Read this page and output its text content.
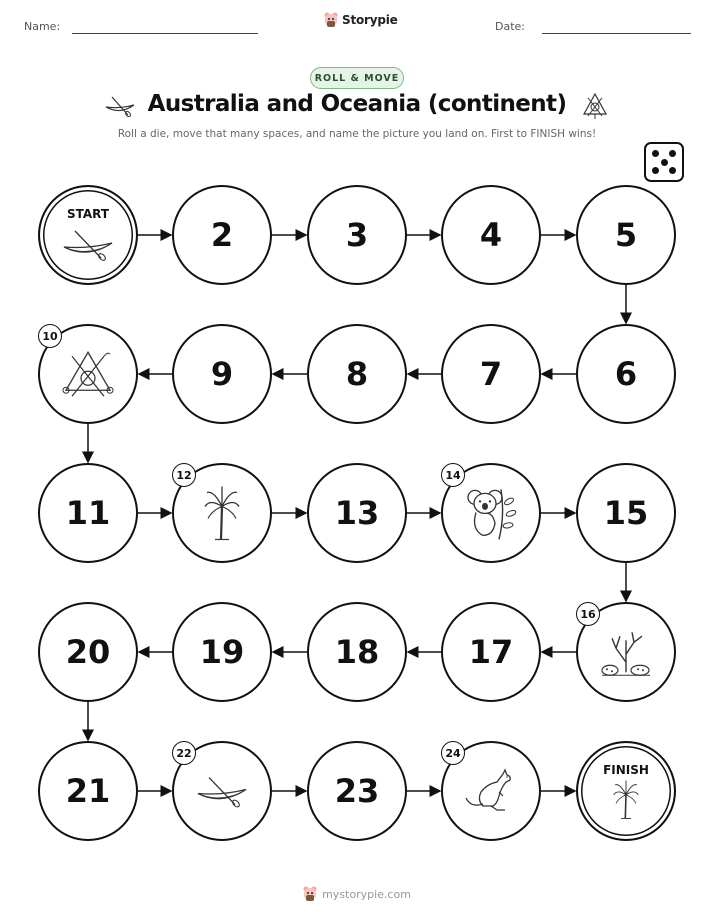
Name:	Storypie	Date:
ROLL & MOVE
Australia and Oceania (continent)
Roll a die, move that many spaces, and name the picture you land on. First to FINISH wins!
START
2	3	4	5
6
7
8
9
10
11
12
13
14
15
16
17
18
19
20
21
22
23
24
FINISH
mystorypie.com
